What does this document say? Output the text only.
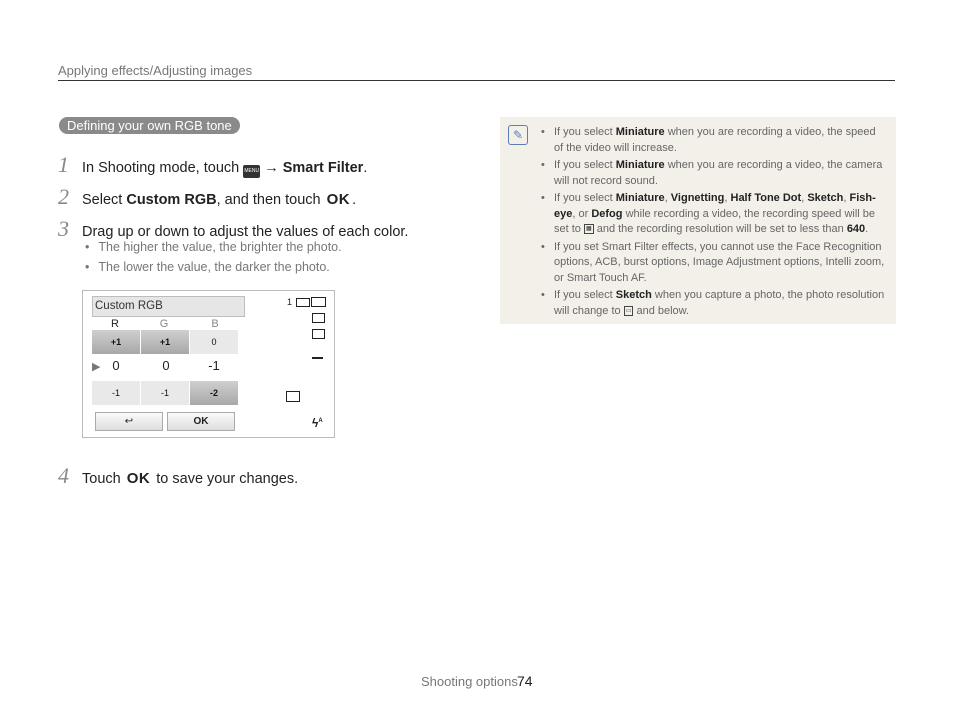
Applying effects/Adjusting images
Defining your own RGB tone
1 In Shooting mode, touch MENU →
Smart Filter .
2 Select
Custom RGB , and then touch
OK .
3 Drag up or down to adjust the values of each color.
• The higher the value, the brighter the photo.
• The lower the value, the darker the photo.
Custom RGB
R	G	B
+1	+1	0
▶ 0	0	-1
-1	-1	-2
↩	OK
1
$ϟ^A$
4 Touch
OK
to save your changes.
✎
•	If you select Miniature when you are recording a video, the speed of the video will increase.
• If you select Miniature when you are recording a video, the camera will not record sound.
• If you select Miniature, Vignetting, Half Tone Dot, Sketch, Fish-eye, or Defog while recording a video, the recording speed will be set to ▦ and the recording resolution will be set to less than 640.
• If you set Smart Filter effects, you cannot use the Face Recognition options, ACB, burst options, Image Adjustment options, Intelli zoom, or Smart Touch AF.
• If you select Sketch when you capture a photo, the photo resolution will change to ▭ and below.
Shooting options 74
